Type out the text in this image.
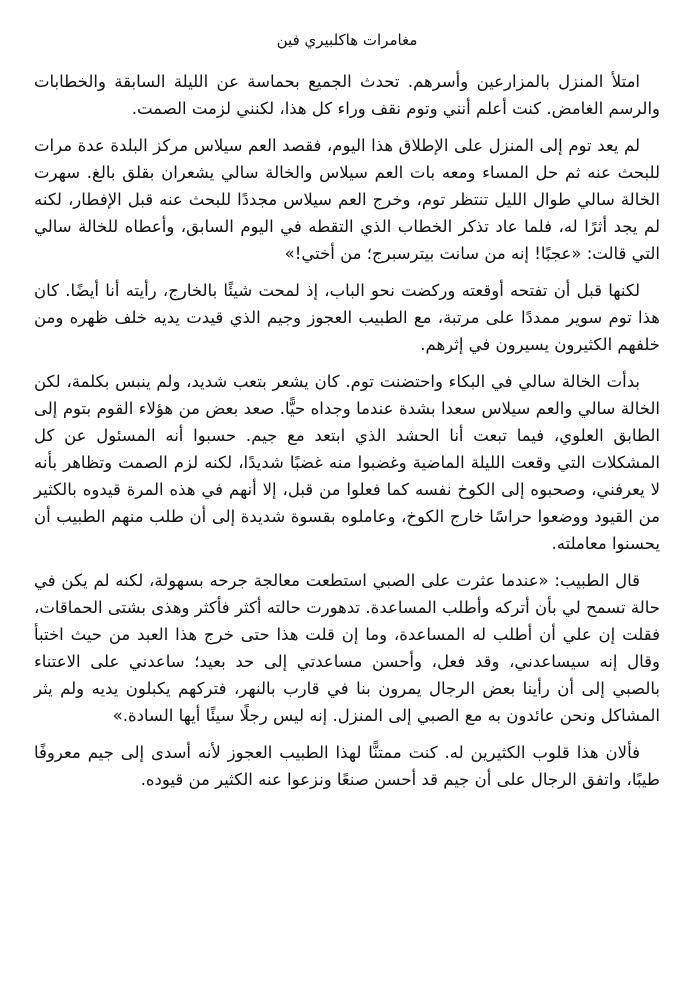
مغامرات هاكلبيري فين

امتلأ المنزل بالمزارعين وأسرهم. تحدث الجميع بحماسة عن الليلة السابقة والخطابات والرسم الغامض. كنت أعلم أنني وتوم نقف وراء كل هذا، لكنني لزمت الصمت.

لم يعد توم إلى المنزل على الإطلاق هذا اليوم، فقصد العم سيلاس مركز البلدة عدة مرات للبحث عنه ثم حل المساء ومعه بات العم سيلاس والخالة سالي يشعران بقلق بالغ. سهرت الخالة سالي طوال الليل تنتظر توم، وخرج العم سيلاس مجددًا للبحث عنه قبل الإفطار، لكنه لم يجد أثرًا له، فلما عاد تذكر الخطاب الذي التقطه في اليوم السابق، وأعطاه للخالة سالي التي قالت: «عجبًا! إنه من سانت بيترسبرج؛ من أختي!»

لكنها قبل أن تفتحه أوقعته وركضت نحو الباب، إذ لمحت شيئًا بالخارج، رأيته أنا أيضًا. كان هذا توم سوير ممددًا على مرتبة، مع الطبيب العجوز وجيم الذي قيدت يديه خلف ظهره ومن خلفهم الكثيرون يسيرون في إثرهم.

بدأت الخالة سالي في البكاء واحتضنت توم. كان يشعر بتعب شديد، ولم ينبس بكلمة، لكن الخالة سالي والعم سيلاس سعدا بشدة عندما وجداه حيًّا. صعد بعض من هؤلاء القوم بتوم إلى الطابق العلوي، فيما تبعت أنا الحشد الذي ابتعد مع جيم. حسبوا أنه المسئول عن كل المشكلات التي وقعت الليلة الماضية وغضبوا منه غضبًا شديدًا، لكنه لزم الصمت وتظاهر بأنه لا يعرفني، وصحبوه إلى الكوخ نفسه كما فعلوا من قبل، إلا أنهم في هذه المرة قيدوه بالكثير من القيود ووضعوا حراسًا خارج الكوخ، وعاملوه بقسوة شديدة إلى أن طلب منهم الطبيب أن يحسنوا معاملته.

قال الطبيب: «عندما عثرت على الصبي استطعت معالجة جرحه بسهولة، لكنه لم يكن في حالة تسمح لي بأن أتركه وأطلب المساعدة. تدهورت حالته أكثر فأكثر وهذى بشتى الحماقات، فقلت إن علي أن أطلب له المساعدة، وما إن قلت هذا حتى خرج هذا العبد من حيث اختبأ وقال إنه سيساعدني، وقد فعل، وأحسن مساعدتي إلى حد بعيد؛ ساعدني على الاعتناء بالصبي إلى أن رأينا بعض الرجال يمرون بنا في قارب بالنهر، فتركهم يكبلون يديه ولم يثر المشاكل ونحن عائدون به مع الصبي إلى المنزل. إنه ليس رجلًا سيئًا أيها السادة.»

فألان هذا قلوب الكثيرين له. كنت ممتنًّا لهذا الطبيب العجوز لأنه أسدى إلى جيم معروفًا طيبًا، واتفق الرجال على أن جيم قد أحسن صنعًا ونزعوا عنه الكثير من قيوده.
